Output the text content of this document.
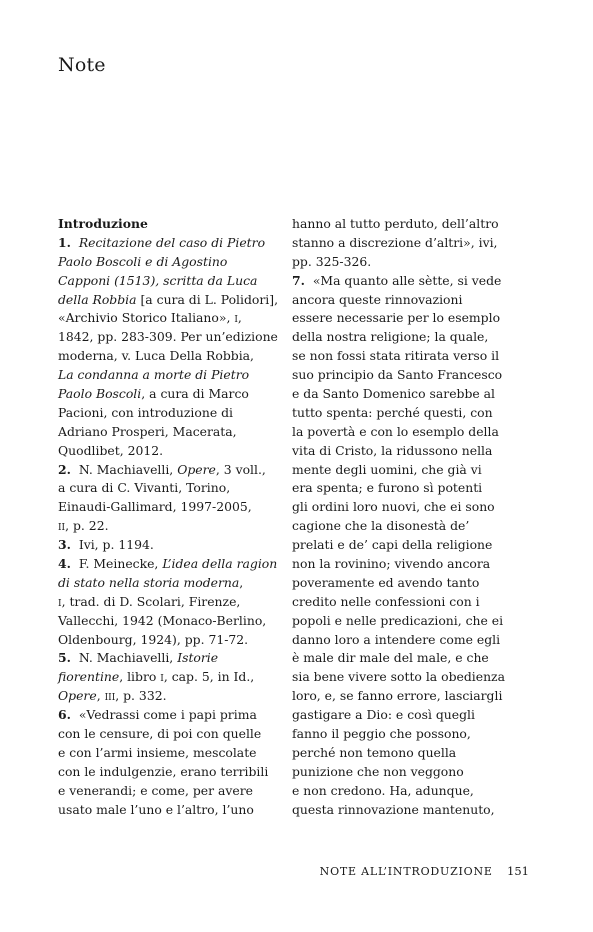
Note
Introduzione
1. Recitazione del caso di Pietro
Paolo Boscoli e di Agostino
Capponi (1513), scritta da Luca
della Robbia [a cura di L. Polidori],
«Archivio Storico Italiano», i,
1842, pp. 283-309. Per un’edizione
moderna, v. Luca Della Robbia,
La condanna a morte di Pietro
Paolo Boscoli, a cura di Marco
Pacioni, con introduzione di
Adriano Prosperi, Macerata,
Quodlibet, 2012.
2.  N. Machiavelli, Opere, 3 voll.,
a cura di C. Vivanti, Torino,
Einaudi-Gallimard, 1997-2005,
ii, p. 22.
3.  Ivi, p. 1194.
4.  F. Meinecke, L’idea della ragion
di stato nella storia moderna,
i, trad. di D. Scolari, Firenze,
Vallecchi, 1942 (Monaco-Berlino,
Oldenbourg, 1924), pp. 71-72.
5.  N. Machiavelli, Istorie
fiorentine, libro i, cap. 5, in Id.,
Opere, iii, p. 332.
6.  «Vedrassi come i papi prima
con le censure, di poi con quelle
e con l’armi insieme, mescolate
con le indulgenzie, erano terribili
e venerandi; e come, per avere
usato male l’uno e l’altro, l’uno
hanno al tutto perduto, dell’altro
stanno a discrezione d’altri», ivi,
pp. 325-326.
7.  «Ma quanto alle sètte, si vede
ancora queste rinnovazioni
essere necessarie per lo esemplo
della nostra religione; la quale,
se non fossi stata ritirata verso il
suo principio da Santo Francesco
e da Santo Domenico sarebbe al
tutto spenta: perché questi, con
la povertà e con lo esemplo della
vita di Cristo, la ridussono nella
mente degli uomini, che già vi
era spenta; e furono sì potenti
gli ordini loro nuovi, che ei sono
cagione che la disonestà de’
prelati e de’ capi della religione
non la rovinino; vivendo ancora
poveramente ed avendo tanto
credito nelle confessioni con i
popoli e nelle predicazioni, che ei
danno loro a intendere come egli
è male dir male del male, e che
sia bene vivere sotto la obedienza
loro, e, se fanno errore, lasciargli
gastigare a Dio: e così quegli
fanno il peggio che possono,
perché non temono quella
punizione che non veggono
e non credono. Ha, adunque,
questa rinnovazione mantenuto,
NOTE ALL’INTRODUZIONE 151
